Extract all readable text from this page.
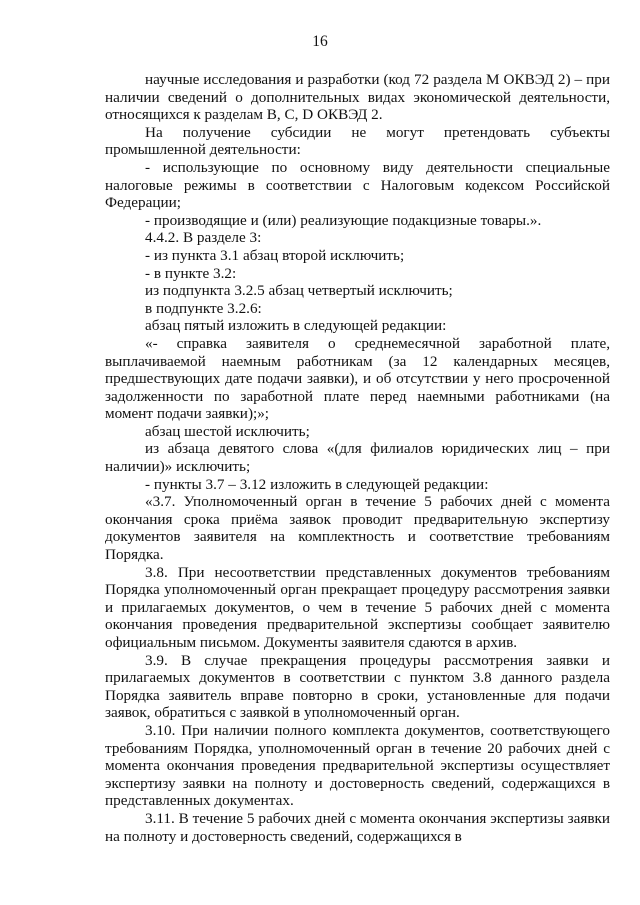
16

научные исследования и разработки (код 72 раздела М ОКВЭД 2) – при наличии сведений о дополнительных видах экономической деятельности, относящихся к разделам В, С, D ОКВЭД 2.

На получение субсидии не могут претендовать субъекты промышленной деятельности:

- использующие по основному виду деятельности специальные налоговые режимы в соответствии с Налоговым кодексом Российской Федерации;

- производящие и (или) реализующие подакцизные товары.».

4.4.2. В разделе 3:

- из пункта 3.1 абзац второй исключить;

- в пункте 3.2:

из подпункта 3.2.5 абзац четвертый исключить;

в подпункте 3.2.6:

абзац пятый изложить в следующей редакции:

«- справка заявителя о среднемесячной заработной плате, выплачиваемой наемным работникам (за 12 календарных месяцев, предшествующих дате подачи заявки), и об отсутствии у него просроченной задолженности по заработной плате перед наемными работниками (на момент подачи заявки);»;

абзац шестой исключить;

из абзаца девятого слова «(для филиалов юридических лиц – при наличии)» исключить;

- пункты 3.7 – 3.12 изложить в следующей редакции:

«3.7. Уполномоченный орган в течение 5 рабочих дней с момента окончания срока приёма заявок проводит предварительную экспертизу документов заявителя на комплектность и соответствие требованиям Порядка.

3.8. При несоответствии представленных документов требованиям Порядка уполномоченный орган прекращает процедуру рассмотрения заявки и прилагаемых документов, о чем в течение 5 рабочих дней с момента окончания проведения предварительной экспертизы сообщает заявителю официальным письмом. Документы заявителя сдаются в архив.

3.9. В случае прекращения процедуры рассмотрения заявки и прилагаемых документов в соответствии с пунктом 3.8 данного раздела Порядка заявитель вправе повторно в сроки, установленные для подачи заявок, обратиться с заявкой в уполномоченный орган.

3.10. При наличии полного комплекта документов, соответствующего требованиям Порядка, уполномоченный орган в течение 20 рабочих дней с момента окончания проведения предварительной экспертизы осуществляет экспертизу заявки на полноту и достоверность сведений, содержащихся в представленных документах.

3.11. В течение 5 рабочих дней с момента окончания экспертизы заявки на полноту и достоверность сведений, содержащихся в
